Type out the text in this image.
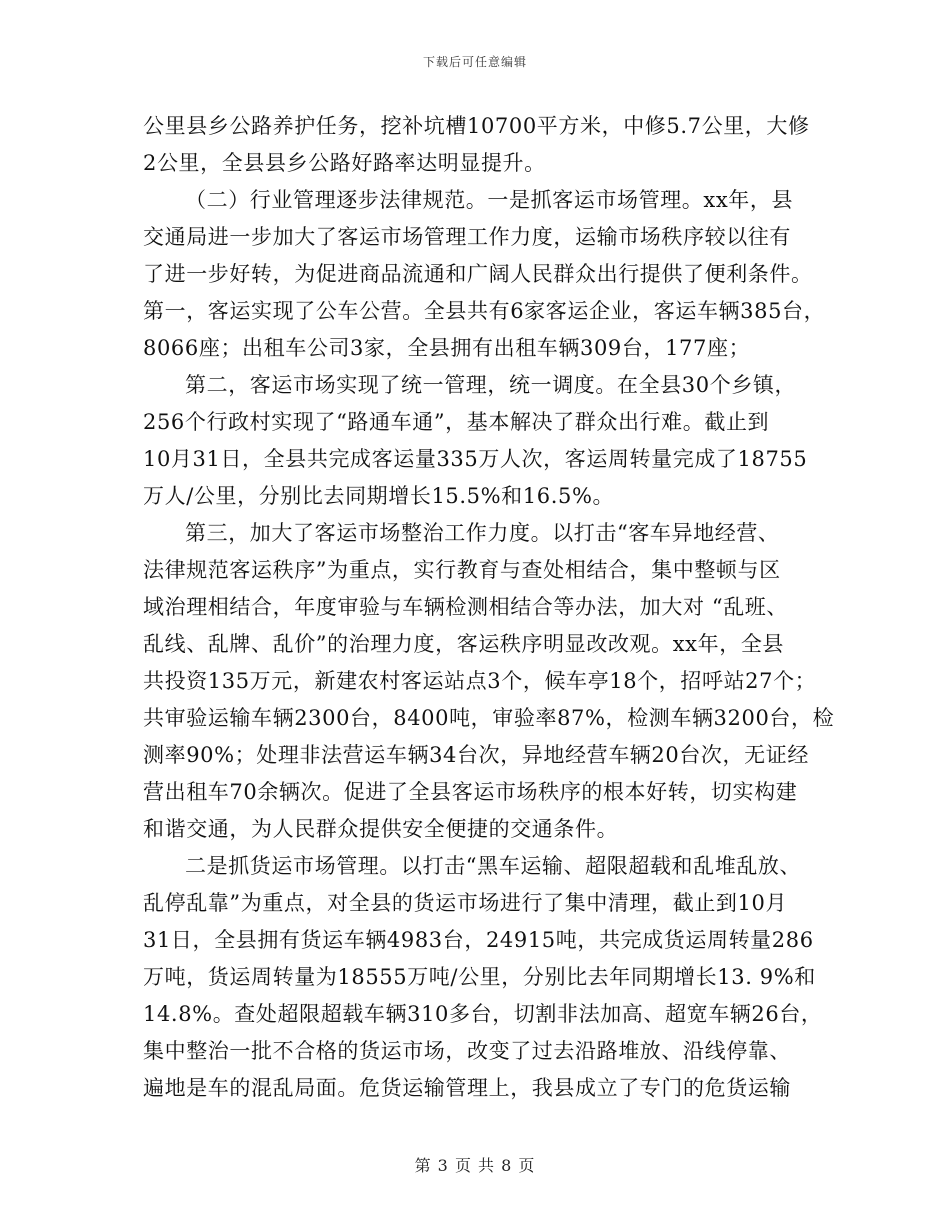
下载后可任意编辑
公里县乡公路养护任务，挖补坑槽10700平方米，中修5.7公里，大修
2公里，全县县乡公路好路率达明显提升。
（二）行业管理逐步法律规范。一是抓客运市场管理。xx年，县
交通局进一步加大了客运市场管理工作力度，运输市场秩序较以往有
了进一步好转，为促进商品流通和广阔人民群众出行提供了便利条件。
第一，客运实现了公车公营。全县共有6家客运企业，客运车辆385台，
8066座；出租车公司3家，全县拥有出租车辆309台，177座；
第二，客运市场实现了统一管理，统一调度。在全县30个乡镇，
256个行政村实现了“路通车通”，基本解决了群众出行难。截止到
10月31日，全县共完成客运量335万人次，客运周转量完成了18755
万人/公里，分别比去同期增长15.5%和16.5%。
第三，加大了客运市场整治工作力度。以打击“客车异地经营、
法律规范客运秩序”为重点，实行教育与查处相结合，集中整顿与区
域治理相结合，年度审验与车辆检测相结合等办法，加大对 “乱班、
乱线、乱牌、乱价”的治理力度，客运秩序明显改改观。xx年，全县
共投资135万元，新建农村客运站点3个，候车亭18个，招呼站27个；
共审验运输车辆2300台，8400吨，审验率87%，检测车辆3200台，检
测率90%；处理非法营运车辆34台次，异地经营车辆20台次，无证经
营出租车70余辆次。促进了全县客运市场秩序的根本好转，切实构建
和谐交通，为人民群众提供安全便捷的交通条件。
二是抓货运市场管理。以打击“黑车运输、超限超载和乱堆乱放、
乱停乱靠”为重点，对全县的货运市场进行了集中清理，截止到10月
31日，全县拥有货运车辆4983台，24915吨，共完成货运周转量286
万吨，货运周转量为18555万吨/公里，分别比去年同期增长13. 9%和
14.8%。查处超限超载车辆310多台，切割非法加高、超宽车辆26台，
集中整治一批不合格的货运市场，改变了过去沿路堆放、沿线停靠、
遍地是车的混乱局面。危货运输管理上，我县成立了专门的危货运输
第 3 页 共 8 页
